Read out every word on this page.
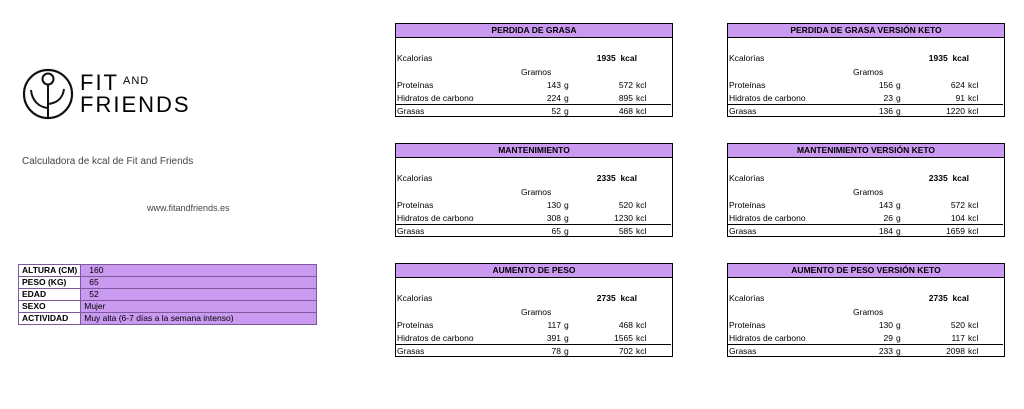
FIT $^{AND}$
FRIENDS
Calculadora de kcal de Fit and Friends
www.fitandfriends.es
ALTURA (CM)	160
PESO (KG)	65
EDAD	52
SEXO	Mujer
ACTIVIDAD	Muy alta (6-7 días a la semana intenso)
PERDIDA DE GRASA
Kcalorías	1935 kcal
Gramos
Proteínas	143 g	572 kcl
Hidratos de carbono	224 g	895 kcl
Grasas	52 g	468 kcl
PERDIDA DE GRASA VERSIÓN KETO
Kcalorías	1935 kcal
Gramos
Proteínas	156 g	624 kcl
Hidratos de carbono	23 g	91 kcl
Grasas	136 g	1220 kcl
MANTENIMIENTO
Kcalorías	2335 kcal
Gramos
Proteínas	130 g	520 kcl
Hidratos de carbono	308 g	1230 kcl
Grasas	65 g	585 kcl
MANTENIMIENTO VERSIÓN KETO
Kcalorías	2335 kcal
Gramos
Proteínas	143 g	572 kcl
Hidratos de carbono	26 g	104 kcl
Grasas	184 g	1659 kcl
AUMENTO DE PESO
Kcalorías	2735 kcal
Gramos
Proteínas	117 g	468 kcl
Hidratos de carbono	391 g	1565 kcl
Grasas	78 g	702 kcl
AUMENTO DE PESO VERSIÓN KETO
Kcalorías	2735 kcal
Gramos
Proteínas	130 g	520 kcl
Hidratos de carbono	29 g	117 kcl
Grasas	233 g	2098 kcl
